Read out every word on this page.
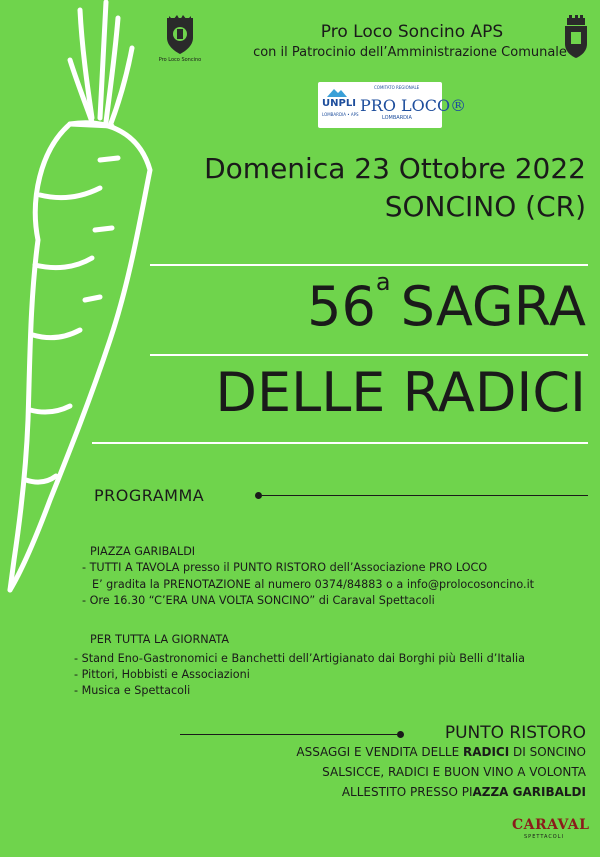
Pro Loco Soncino
Pro Loco Soncino APS
con il Patrocinio dell’Amministrazione Comunale
UNPLI
LOMBARDIA • APS
COMITATO REGIONALE
PRO LOCO®
LOMBARDIA
Domenica 23 Ottobre 2022
SONCINO (CR)
56$^a$ SAGRA
DELLE RADICI
PROGRAMMA
PIAZZA GARIBALDI
- TUTTI A TAVOLA presso il PUNTO RISTORO dell’Associazione PRO LOCO
E’ gradita la PRENOTAZIONE al numero 0374/84883 o a info@prolocosoncino.it
- Ore 16.30 “C’ERA UNA VOLTA SONCINO” di Caraval Spettacoli
PER TUTTA LA GIORNATA
- Stand Eno-Gastronomici e Banchetti dell’Artigianato dai Borghi più Belli d’Italia
- Pittori, Hobbisti e Associazioni
- Musica e Spettacoli
PUNTO RISTORO
ASSAGGI E VENDITA DELLE RADICI DI SONCINO
SALSICCE, RADICI E BUON VINO A VOLONTA
ALLESTITO PRESSO PIAZZA GARIBALDI
CARAVAL
SPETTACOLI
